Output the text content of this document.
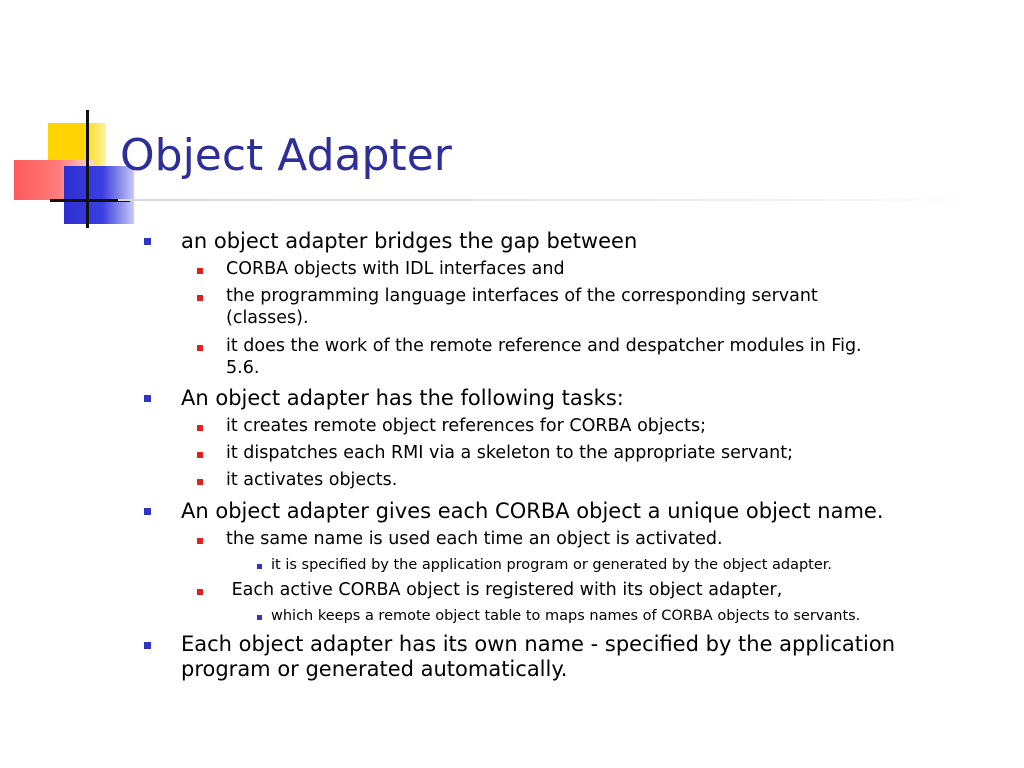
Object Adapter
an object adapter bridges the gap between
CORBA objects with IDL interfaces and
the programming language interfaces of the corresponding servant
(classes).
it does the work of the remote reference and despatcher modules in Fig.
5.6.
An object adapter has the following tasks:
it creates remote object references for CORBA objects;
it dispatches each RMI via a skeleton to the appropriate servant;
it activates objects.
An object adapter gives each CORBA object a unique object name.
the same name is used each time an object is activated.
it is specified by the application program or generated by the object adapter.
Each active CORBA object is registered with its object adapter,
which keeps a remote object table to maps names of CORBA objects to servants.
Each object adapter has its own name - specified by the application
program or generated automatically.
